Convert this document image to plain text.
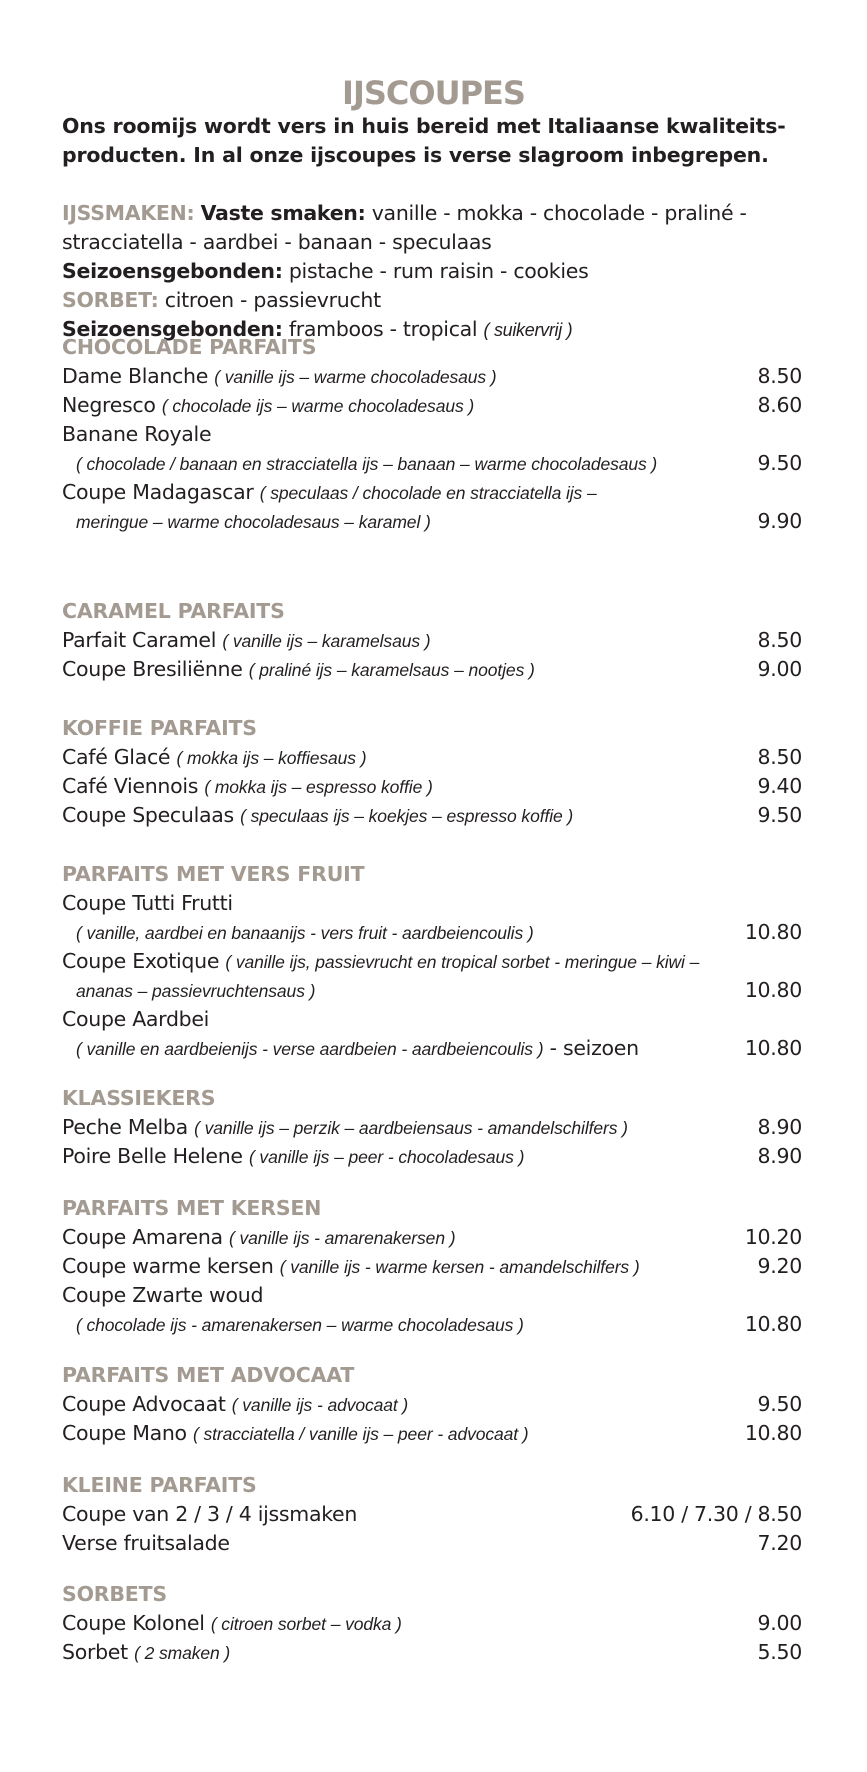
IJSCOUPES
Ons roomijs wordt vers in huis bereid met Italiaanse kwaliteits-
producten. In al onze ijscoupes is verse slagroom inbegrepen.
IJSSMAKEN: Vaste smaken: vanille - mokka - chocolade - praliné -
stracciatella - aardbei - banaan - speculaas
Seizoensgebonden: pistache - rum raisin - cookies
SORBET: citroen - passievrucht
Seizoensgebonden: framboos - tropical ( suikervrij )
CHOCOLADE PARFAITS
Dame Blanche ( vanille ijs – warme chocoladesaus )	8.50
Negresco ( chocolade ijs – warme chocoladesaus )	8.60
Banane Royale
( chocolade / banaan en stracciatella ijs – banaan – warme chocoladesaus )	9.50
Coupe Madagascar ( speculaas / chocolade en stracciatella ijs –
meringue – warme chocoladesaus – karamel )	9.90
CARAMEL PARFAITS
Parfait Caramel ( vanille ijs – karamelsaus )	8.50
Coupe Bresiliënne ( praliné ijs – karamelsaus – nootjes )	9.00
KOFFIE PARFAITS
Café Glacé ( mokka ijs – koffiesaus )	8.50
Café Viennois ( mokka ijs – espresso koffie )	9.40
Coupe Speculaas ( speculaas ijs – koekjes – espresso koffie )	9.50
PARFAITS MET VERS FRUIT
Coupe Tutti Frutti
( vanille, aardbei en banaanijs - vers fruit - aardbeiencoulis )	10.80
Coupe Exotique ( vanille ijs, passievrucht en tropical sorbet - meringue – kiwi –
ananas – passievruchtensaus )	10.80
Coupe Aardbei
( vanille en aardbeienijs - verse aardbeien - aardbeiencoulis ) - seizoen	10.80
KLASSIEKERS
Peche Melba ( vanille ijs – perzik – aardbeiensaus - amandelschilfers )	8.90
Poire Belle Helene ( vanille ijs – peer - chocoladesaus )	8.90
PARFAITS MET KERSEN
Coupe Amarena ( vanille ijs - amarenakersen )	10.20
Coupe warme kersen ( vanille ijs - warme kersen - amandelschilfers )	9.20
Coupe Zwarte woud
( chocolade ijs - amarenakersen – warme chocoladesaus )	10.80
PARFAITS MET ADVOCAAT
Coupe Advocaat ( vanille ijs - advocaat )	9.50
Coupe Mano ( stracciatella / vanille ijs – peer - advocaat )	10.80
KLEINE PARFAITS
Coupe van 2 / 3 / 4 ijssmaken	6.10 / 7.30 / 8.50
Verse fruitsalade	7.20
SORBETS
Coupe Kolonel ( citroen sorbet – vodka )	9.00
Sorbet ( 2 smaken )	5.50
